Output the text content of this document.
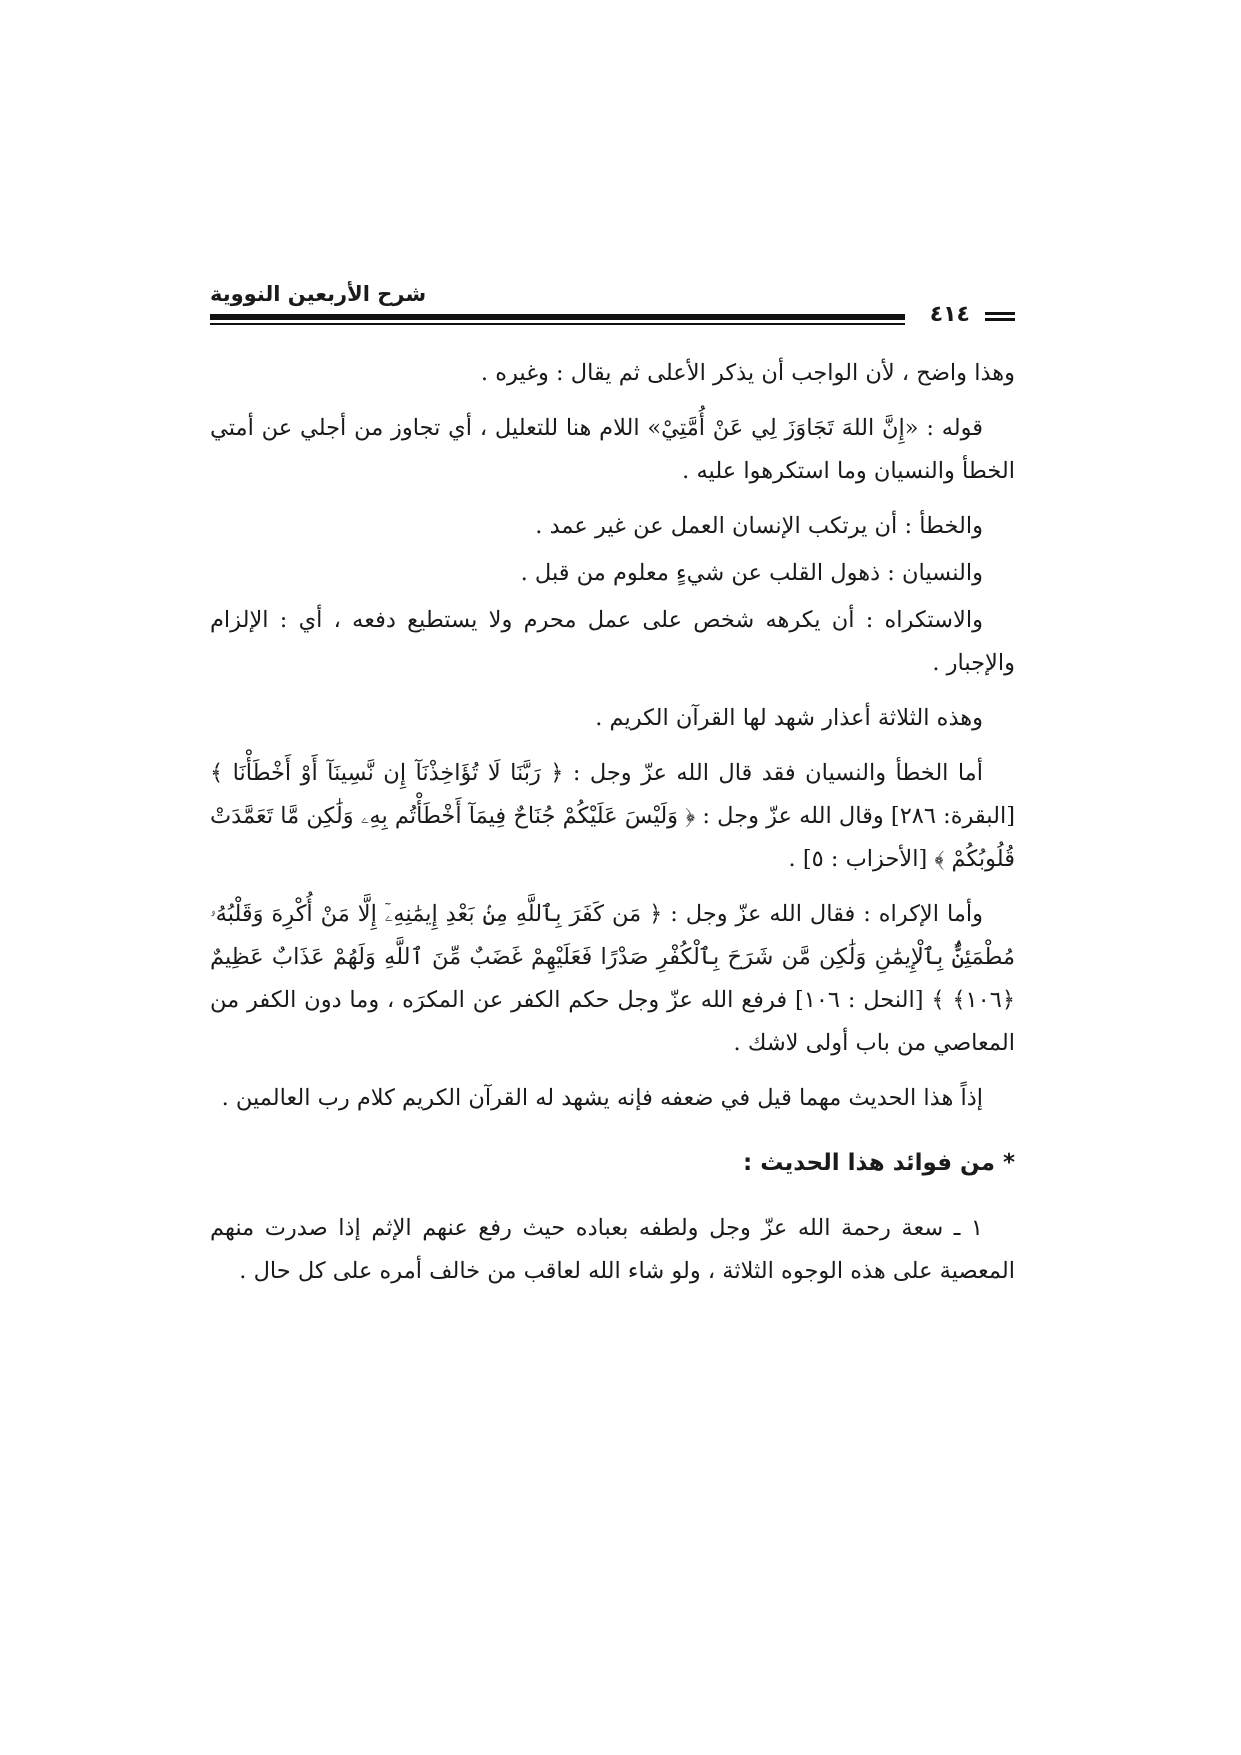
شرح الأربعين النووية
٤١٤

وهذا واضح ، لأن الواجب أن يذكر الأعلى ثم يقال : وغيره .

قوله : «إِنَّ اللهَ تَجَاوَزَ لِي عَنْ أُمَّتِيْ» اللام هنا للتعليل ، أي تجاوز من أجلي عن أمتي الخطأ والنسيان وما استكرهوا عليه .

والخطأ : أن يرتكب الإنسان العمل عن غير عمد .

والنسيان : ذهول القلب عن شيءٍ معلوم من قبل .

والاستكراه : أن يكرهه شخص على عمل محرم ولا يستطيع دفعه ، أي : الإلزام والإجبار .

وهذه الثلاثة أعذار شهد لها القرآن الكريم .

أما الخطأ والنسيان فقد قال الله عزّ وجل : ﴿ رَبَّنَا لَا تُؤَاخِذْنَآ إِن نَّسِينَآ أَوْ أَخْطَأْنَا ﴾ [البقرة: ٢٨٦] وقال الله عزّ وجل : ﴿ وَلَيْسَ عَلَيْكُمْ جُنَاحٌ فِيمَآ أَخْطَأْتُم بِهِۦ وَلَٰكِن مَّا تَعَمَّدَتْ قُلُوبُكُمْ ﴾ [الأحزاب : ٥] .

وأما الإكراه : فقال الله عزّ وجل : ﴿ مَن كَفَرَ بِٱللَّهِ مِنۢ بَعْدِ إِيمَٰنِهِۦٓ إِلَّا مَنْ أُكْرِهَ وَقَلْبُهُۥ مُطْمَئِنٌّۢ بِٱلْإِيمَٰنِ وَلَٰكِن مَّن شَرَحَ بِٱلْكُفْرِ صَدْرًا فَعَلَيْهِمْ غَضَبٌ مِّنَ ٱللَّهِ وَلَهُمْ عَذَابٌ عَظِيمٌ ﴿١٠٦﴾ ﴾ [النحل : ١٠٦] فرفع الله عزّ وجل حكم الكفر عن المكرَه ، وما دون الكفر من المعاصي من باب أولى لاشك .

إذاً هذا الحديث مهما قيل في ضعفه فإنه يشهد له القرآن الكريم كلام رب العالمين .

* من فوائد هذا الحديث :

١ ـ سعة رحمة الله عزّ وجل ولطفه بعباده حيث رفع عنهم الإثم إذا صدرت منهم المعصية على هذه الوجوه الثلاثة ، ولو شاء الله لعاقب من خالف أمره على كل حال .
